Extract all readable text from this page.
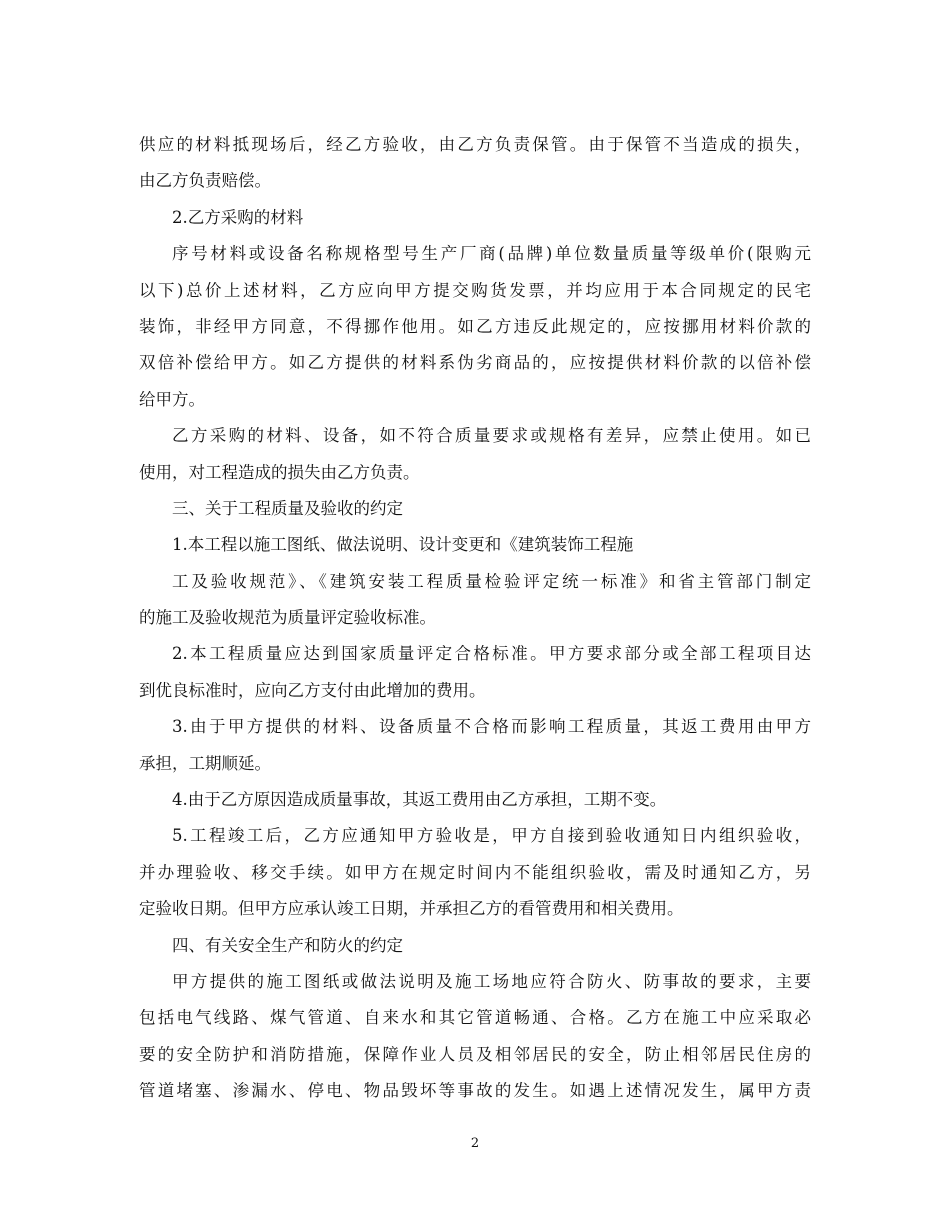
供应的材料抵现场后，经乙方验收，由乙方负责保管。由于保管不当造成的损失，
由乙方负责赔偿。
2.乙方采购的材料
序号材料或设备名称规格型号生产厂商(品牌)单位数量质量等级单价(限购元
以下)总价上述材料，乙方应向甲方提交购货发票，并均应用于本合同规定的民宅
装饰，非经甲方同意，不得挪作他用。如乙方违反此规定的，应按挪用材料价款的
双倍补偿给甲方。如乙方提供的材料系伪劣商品的，应按提供材料价款的以倍补偿
给甲方。
乙方采购的材料、设备，如不符合质量要求或规格有差异，应禁止使用。如已
使用，对工程造成的损失由乙方负责。
三、关于工程质量及验收的约定
1.本工程以施工图纸、做法说明、设计变更和《建筑装饰工程施
工及验收规范》、《建筑安装工程质量检验评定统一标准》和省主管部门制定
的施工及验收规范为质量评定验收标准。
2.本工程质量应达到国家质量评定合格标准。甲方要求部分或全部工程项目达
到优良标准时，应向乙方支付由此增加的费用。
3.由于甲方提供的材料、设备质量不合格而影响工程质量，其返工费用由甲方
承担，工期顺延。
4.由于乙方原因造成质量事故，其返工费用由乙方承担，工期不变。
5.工程竣工后，乙方应通知甲方验收是，甲方自接到验收通知日内组织验收，
并办理验收、移交手续。如甲方在规定时间内不能组织验收，需及时通知乙方，另
定验收日期。但甲方应承认竣工日期，并承担乙方的看管费用和相关费用。
四、有关安全生产和防火的约定
甲方提供的施工图纸或做法说明及施工场地应符合防火、防事故的要求，主要
包括电气线路、煤气管道、自来水和其它管道畅通、合格。乙方在施工中应采取必
要的安全防护和消防措施，保障作业人员及相邻居民的安全，防止相邻居民住房的
管道堵塞、渗漏水、停电、物品毁坏等事故的发生。如遇上述情况发生，属甲方责
2
